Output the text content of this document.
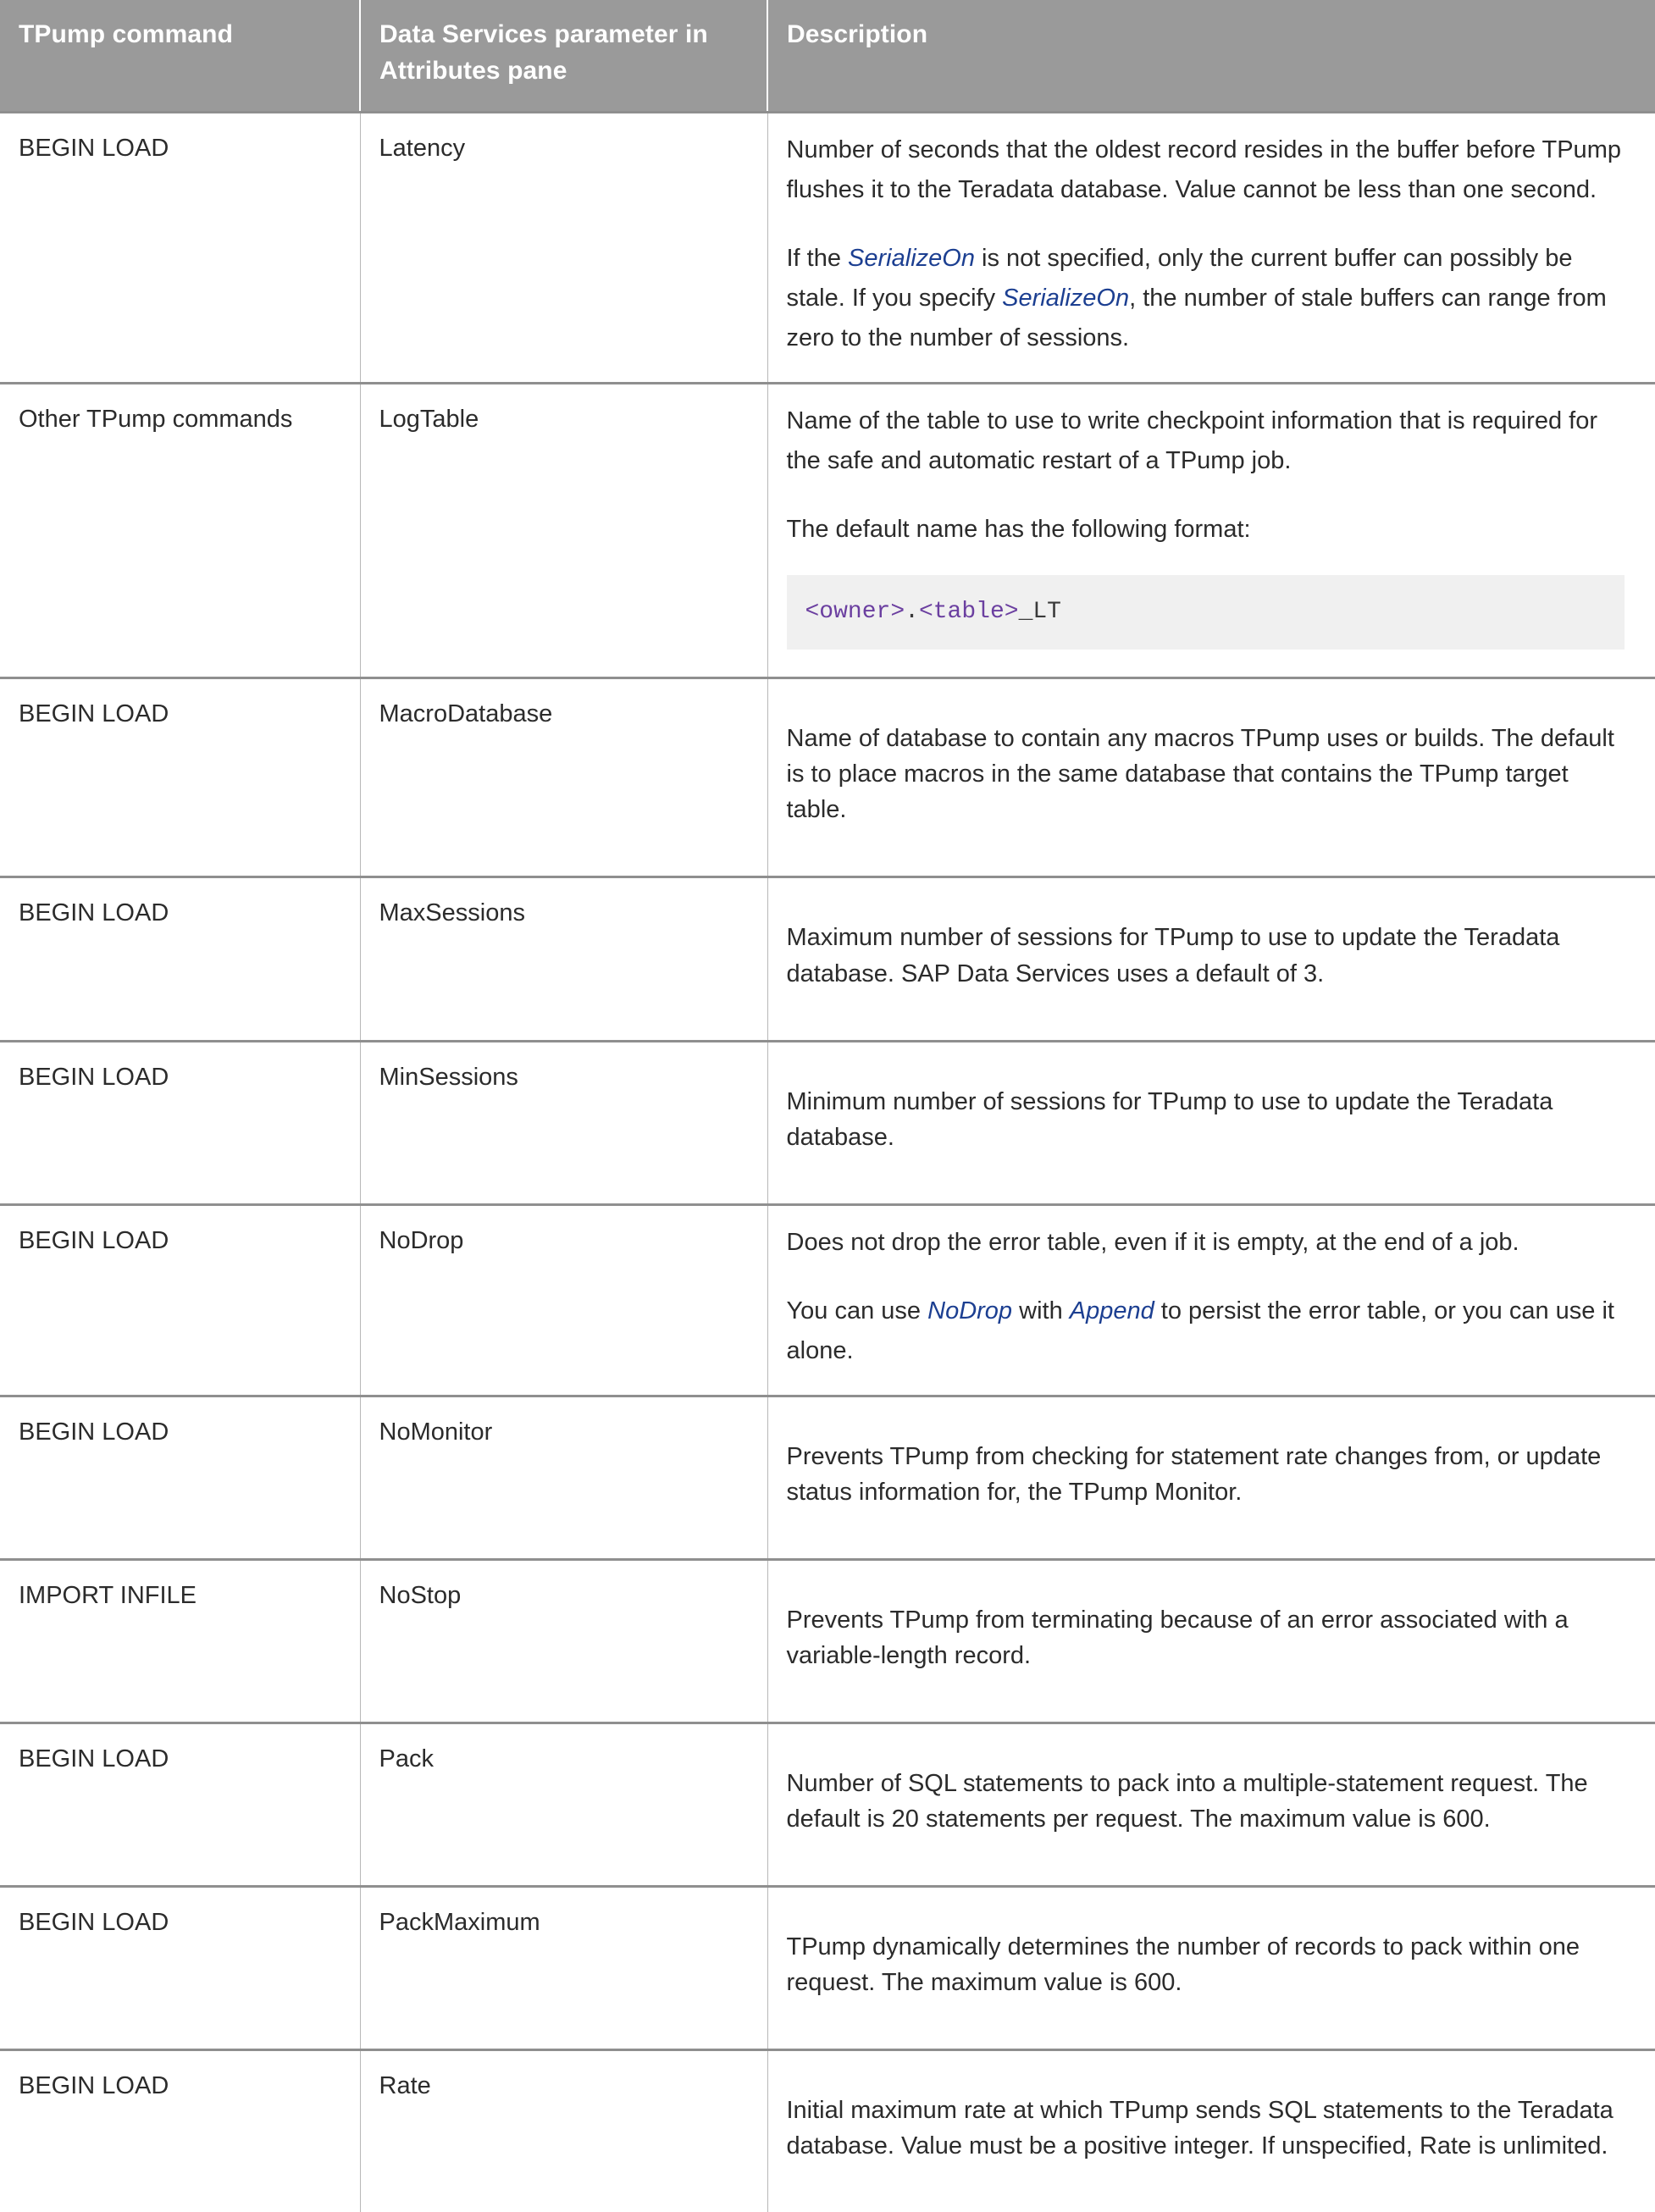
TPump command	Data Services parameter in Attributes pane	Description
BEGIN LOAD	Latency	Number of seconds that the oldest record resides in the buffer before TPump flushes it to the Teradata database. Value cannot be less than one second.

If the SerializeOn is not specified, only the current buffer can possibly be stale. If you specify SerializeOn, the number of stale buffers can range from zero to the number of sessions.

Other TPump commands	LogTable	Name of the table to use to write checkpoint information that is required for the safe and automatic restart of a TPump job.

The default name has the following format:

<owner>.<table>_LT

BEGIN LOAD	MacroDatabase	Name of database to contain any macros TPump uses or builds. The default is to place macros in the same database that contains the TPump target table.

BEGIN LOAD	MaxSessions	Maximum number of sessions for TPump to use to update the Teradata database. SAP Data Services uses a default of 3.

BEGIN LOAD	MinSessions	Minimum number of sessions for TPump to use to update the Teradata database.

BEGIN LOAD	NoDrop	Does not drop the error table, even if it is empty, at the end of a job.

You can use NoDrop with Append to persist the error table, or you can use it alone.

BEGIN LOAD	NoMonitor	Prevents TPump from checking for statement rate changes from, or update status information for, the TPump Monitor.

IMPORT INFILE	NoStop	Prevents TPump from terminating because of an error associated with a variable-length record.

BEGIN LOAD	Pack	Number of SQL statements to pack into a multiple-statement request. The default is 20 statements per request. The maximum value is 600.

BEGIN LOAD	PackMaximum	TPump dynamically determines the number of records to pack within one request. The maximum value is 600.

BEGIN LOAD	Rate	Initial maximum rate at which TPump sends SQL statements to the Teradata database. Value must be a positive integer. If unspecified, Rate is unlimited.
